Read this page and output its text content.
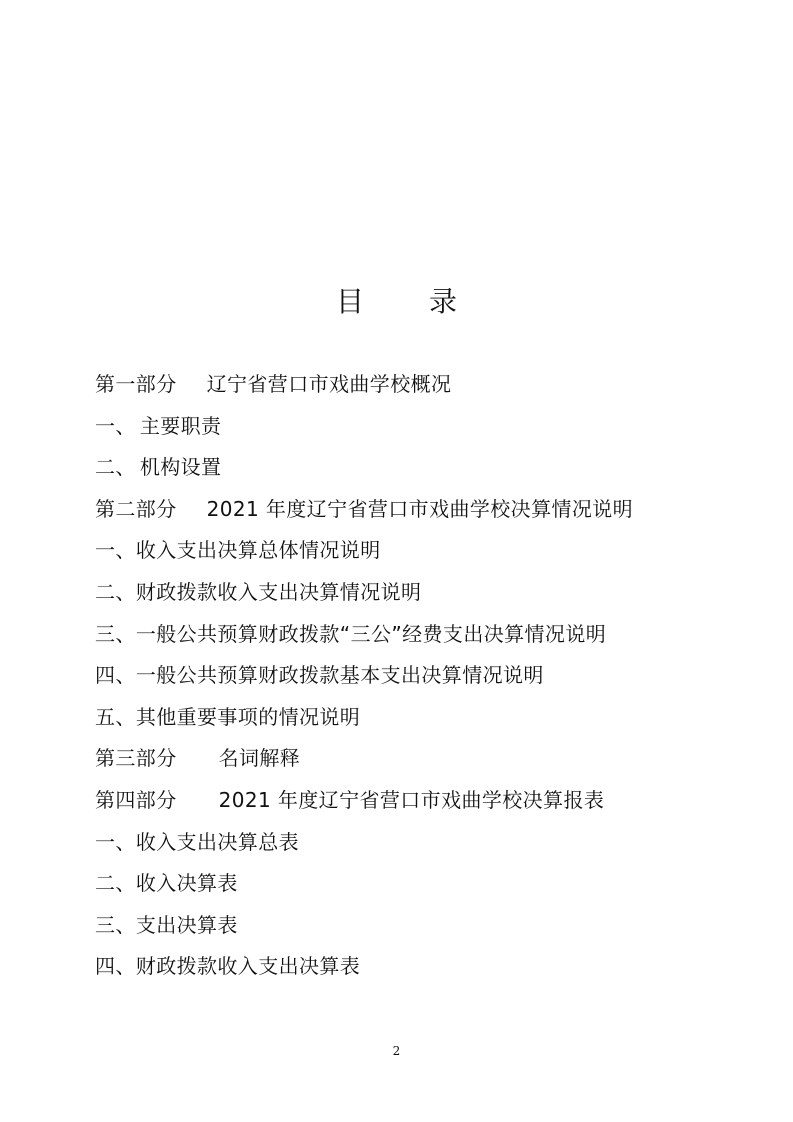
目 录
第一部分 辽宁省营口市戏曲学校概况
一、 主要职责
二、 机构设置
第二部分 2021 年度辽宁省营口市戏曲学校决算情况说明
一、收入支出决算总体情况说明
二、财政拨款收入支出决算情况说明
三、一般公共预算财政拨款“三公”经费支出决算情况说明
四、一般公共预算财政拨款基本支出决算情况说明
五、其他重要事项的情况说明
第三部分 名词解释
第四部分 2021 年度辽宁省营口市戏曲学校决算报表
一、收入支出决算总表
二、收入决算表
三、支出决算表
四、财政拨款收入支出决算表
2
